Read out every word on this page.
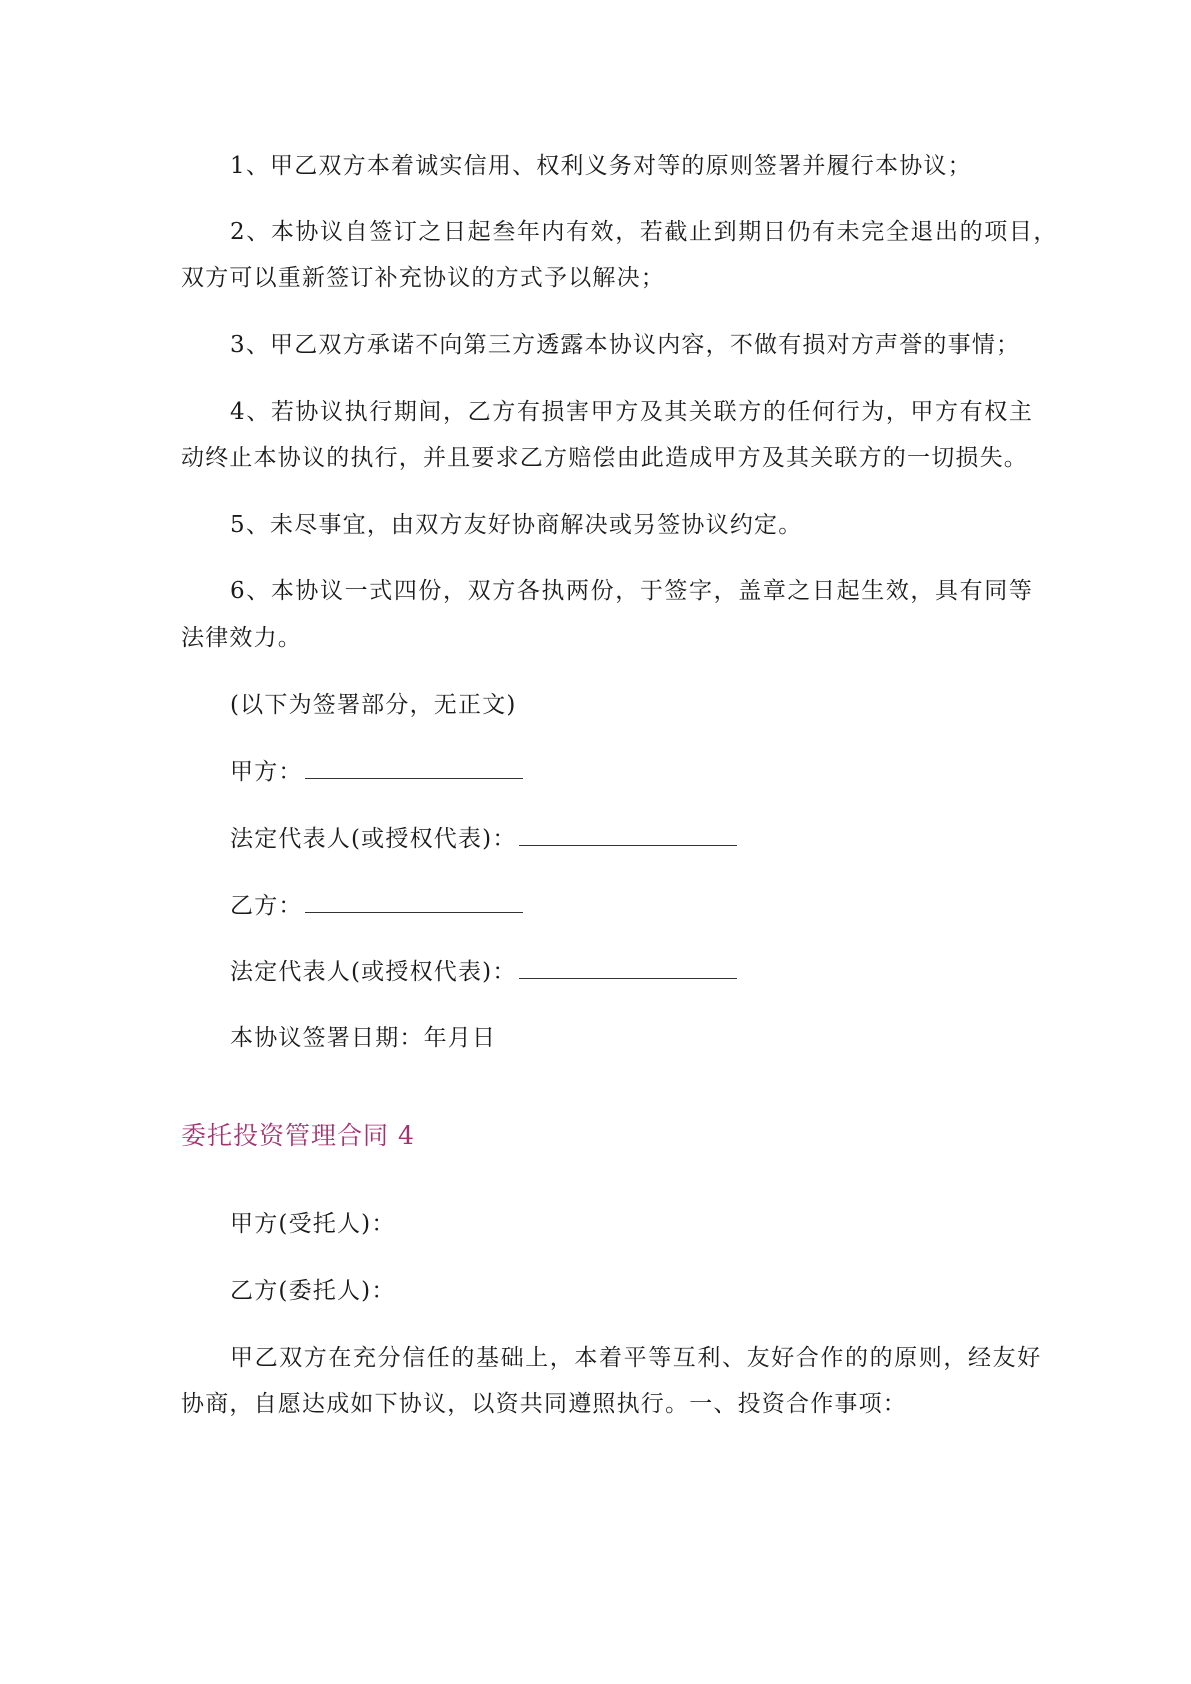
1、甲乙双方本着诚实信用、权利义务对等的原则签署并履行本协议；
2、本协议自签订之日起叁年内有效，若截止到期日仍有未完全退出的项目，
双方可以重新签订补充协议的方式予以解决；
3、甲乙双方承诺不向第三方透露本协议内容，不做有损对方声誉的事情；
4、若协议执行期间，乙方有损害甲方及其关联方的任何行为，甲方有权主
动终止本协议的执行，并且要求乙方赔偿由此造成甲方及其关联方的一切损失。
5、未尽事宜，由双方友好协商解决或另签协议约定。
6、本协议一式四份，双方各执两份，于签字，盖章之日起生效，具有同等
法律效力。
(以下为签署部分，无正文)
甲方：
法定代表人(或授权代表)：
乙方：
法定代表人(或授权代表)：
本协议签署日期：年月日
委托投资管理合同 4
甲方(受托人)：
乙方(委托人)：
甲乙双方在充分信任的基础上，本着平等互利、友好合作的的原则，经友好
协商，自愿达成如下协议，以资共同遵照执行。一、投资合作事项：
